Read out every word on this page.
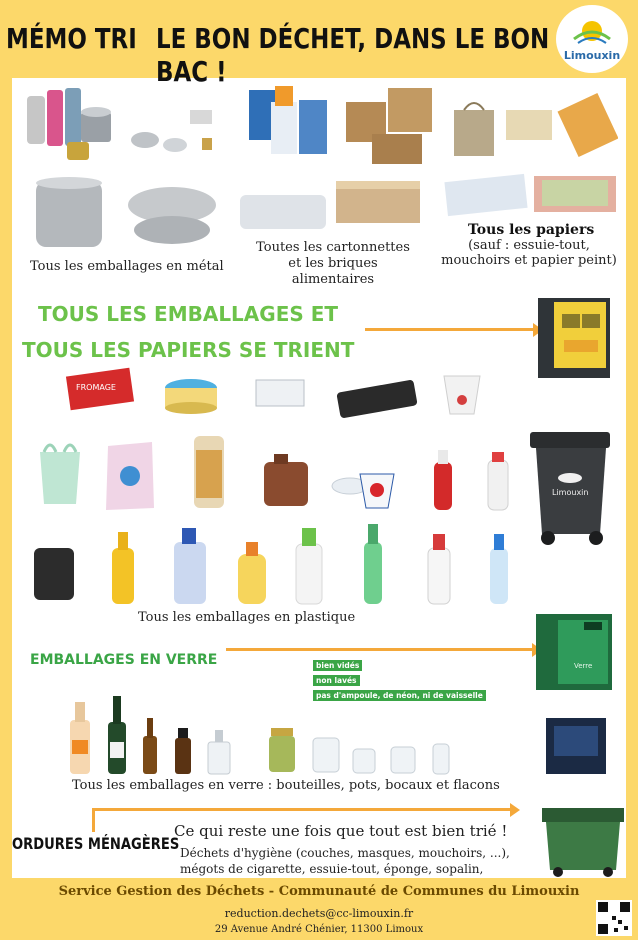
MÉMO TRI LE BON DÉCHET, DANS LE BON BAC !	Limouxin
Tous les emballages en métal
Toutes les cartonnettes et les briques alimentaires
Tous les papiers
(sauf : essuie-tout, mouchoirs et papier peint)
TOUS LES EMBALLAGES ET
TOUS LES PAPIERS SE TRIENT
FROMAGE
Limouxin
Tous les emballages en plastique
EMBALLAGES EN VERRE	bien vidés
non lavés
pas d'ampoule, de néon, ni de vaisselle
Verre
Tous les emballages en verre : bouteilles, pots, bocaux et flacons
ORDURES MÉNAGÈRES
Ce qui reste une fois que tout est bien trié !
Déchets d'hygiène (couches, masques, mouchoirs, ...),
mégots de cigarette, essuie-tout, éponge, sopalin,
Service Gestion des Déchets - Communauté de Communes du Limouxin
reduction.dechets@cc-limouxin.fr
29 Avenue André Chénier, 11300 Limoux
